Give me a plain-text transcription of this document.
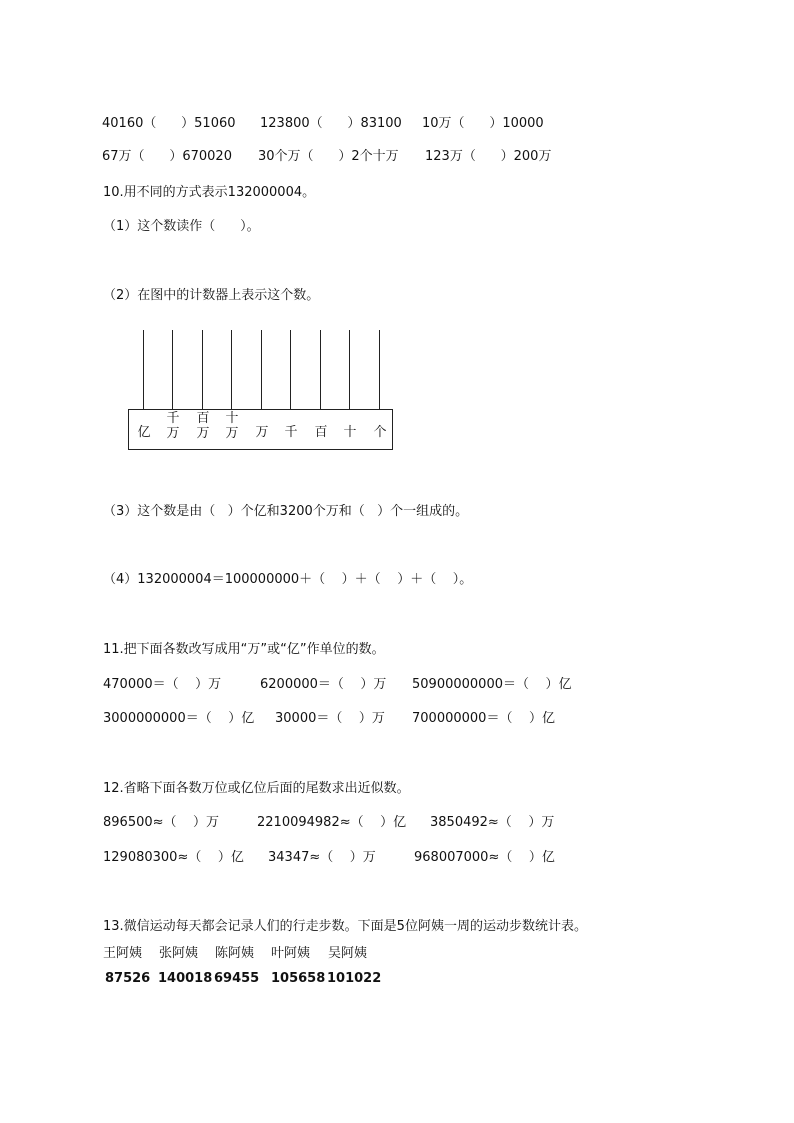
40160（      ）51060 123800（      ）83100 10万（      ）10000
67万（      ）670020 30个万（      ）2个十万 123万（      ）200万
10.用不同的方式表示132000004。
（1）这个数读作（      ）。
（2）在图中的计数器上表示这个数。
亿
千
万
百
万
十
万	万	千	百	十	个
（3）这个数是由（   ）个亿和3200个万和（   ）个一组成的。
（4）132000004＝100000000＋（    ）＋（    ）＋（    ）。
11.把下面各数改写成用“万”或“亿”作单位的数。
470000＝（    ）万	6200000＝（    ）万 50900000000＝（    ）亿
3000000000＝（    ）亿 30000＝（    ）万 700000000＝（    ）亿
12.省略下面各数万位或亿位后面的尾数求出近似数。
896500≈（    ）万	2210094982≈（    ）亿 3850492≈（    ）万
129080300≈（    ）亿 34347≈（    ）万	968007000≈（    ）亿
13.微信运动每天都会记录人们的行走步数。下面是5位阿姨一周的运动步数统计表。
王阿姨 张阿姨 陈阿姨 叶阿姨 吴阿姨
87526 140018 69455 105658 101022
